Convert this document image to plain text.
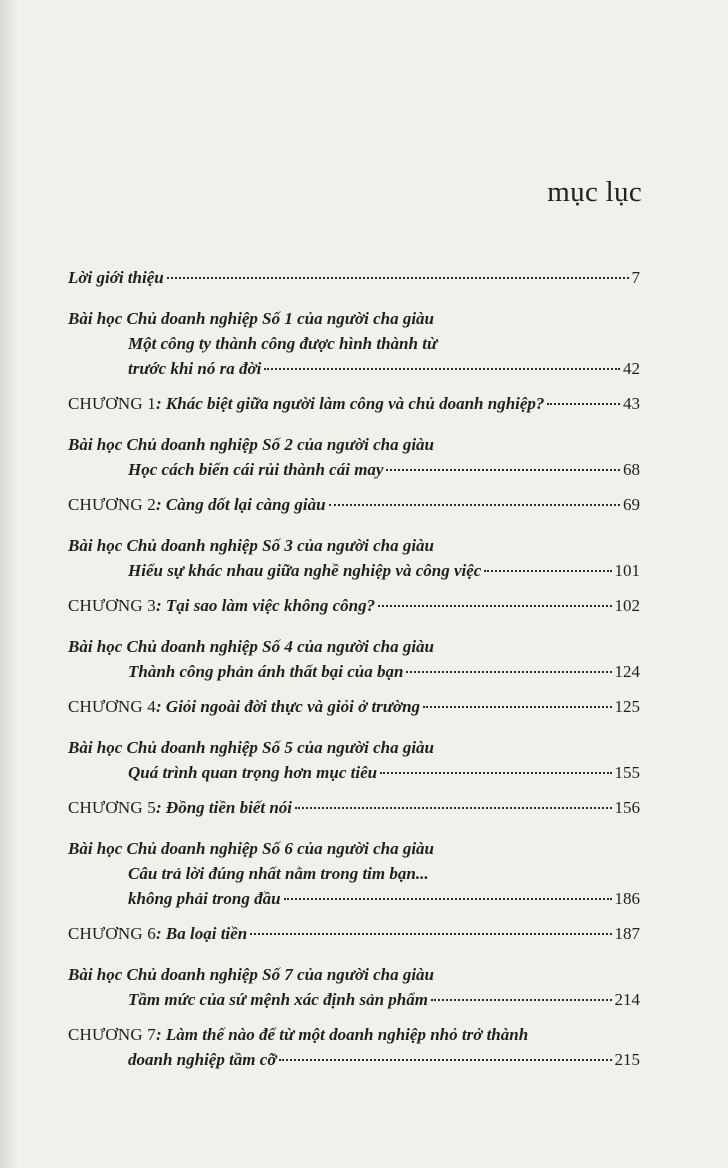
mục lục
Lời giới thiệu	7
Bài học Chủ doanh nghiệp Số 1 của người cha giàu
Một công ty thành công được hình thành từ
trước khi nó ra đời	42
CHƯƠNG 1 : Khác biệt giữa người làm công và chủ doanh nghiệp?	43
Bài học Chủ doanh nghiệp Số 2 của người cha giàu
Học cách biến cái rủi thành cái may	68
CHƯƠNG 2 : Càng dốt lại càng giàu	69
Bài học Chủ doanh nghiệp Số 3 của người cha giàu
Hiểu sự khác nhau giữa nghề nghiệp và công việc	101
CHƯƠNG 3 : Tại sao làm việc không công?	102
Bài học Chủ doanh nghiệp Số 4 của người cha giàu
Thành công phản ánh thất bại của bạn	124
CHƯƠNG 4 : Giỏi ngoài đời thực và giỏi ở trường	125
Bài học Chủ doanh nghiệp Số 5 của người cha giàu
Quá trình quan trọng hơn mục tiêu	155
CHƯƠNG 5 : Đồng tiền biết nói	156
Bài học Chủ doanh nghiệp Số 6 của người cha giàu
Câu trả lời đúng nhất nằm trong tim bạn...
không phải trong đầu	186
CHƯƠNG 6 : Ba loại tiền	187
Bài học Chủ doanh nghiệp Số 7 của người cha giàu
Tầm mức của sứ mệnh xác định sản phẩm	214
CHƯƠNG 7 : Làm thế nào để từ một doanh nghiệp nhỏ trở thành
doanh nghiệp tầm cỡ	215
